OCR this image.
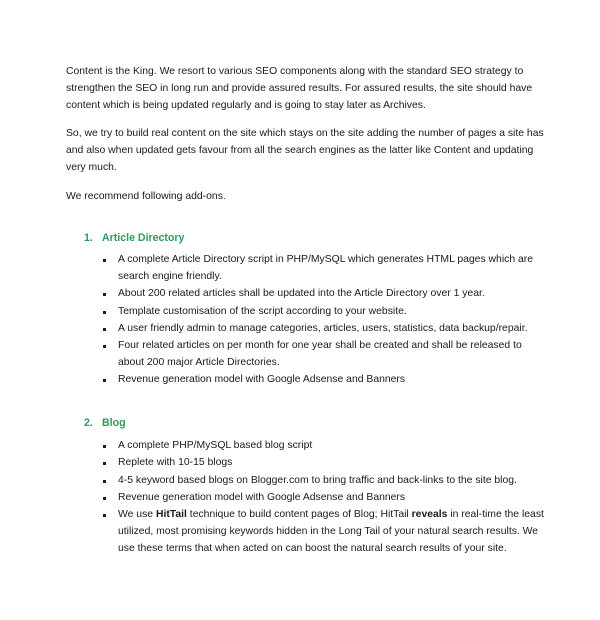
Content is the King. We resort to various SEO components along with the standard SEO strategy to strengthen the SEO in long run and provide assured results. For assured results, the site should have content which is being updated regularly and is going to stay later as Archives.

So, we try to build real content on the site which stays on the site adding the number of pages a site has and also when updated gets favour from all the search engines as the latter like Content and updating very much.

We recommend following add-ons.

1. Article Directory
A complete Article Directory script in PHP/MySQL which generates HTML pages which are search engine friendly.
About 200 related articles shall be updated into the Article Directory over 1 year.
Template customisation of the script according to your website.
A user friendly admin to manage categories, articles, users, statistics, data backup/repair.
Four related articles on per month for one year shall be created and shall be released to about 200 major Article Directories.
Revenue generation model with Google Adsense and Banners
2. Blog
A complete PHP/MySQL based blog script
Replete with 10-15 blogs
4-5 keyword based blogs on Blogger.com to bring traffic and back-links to the site blog.
Revenue generation model with Google Adsense and Banners
We use HitTail technique to build content pages of Blog; HitTail reveals in real-time the least utilized, most promising keywords hidden in the Long Tail of your natural search results. We use these terms that when acted on can boost the natural search results of your site.
